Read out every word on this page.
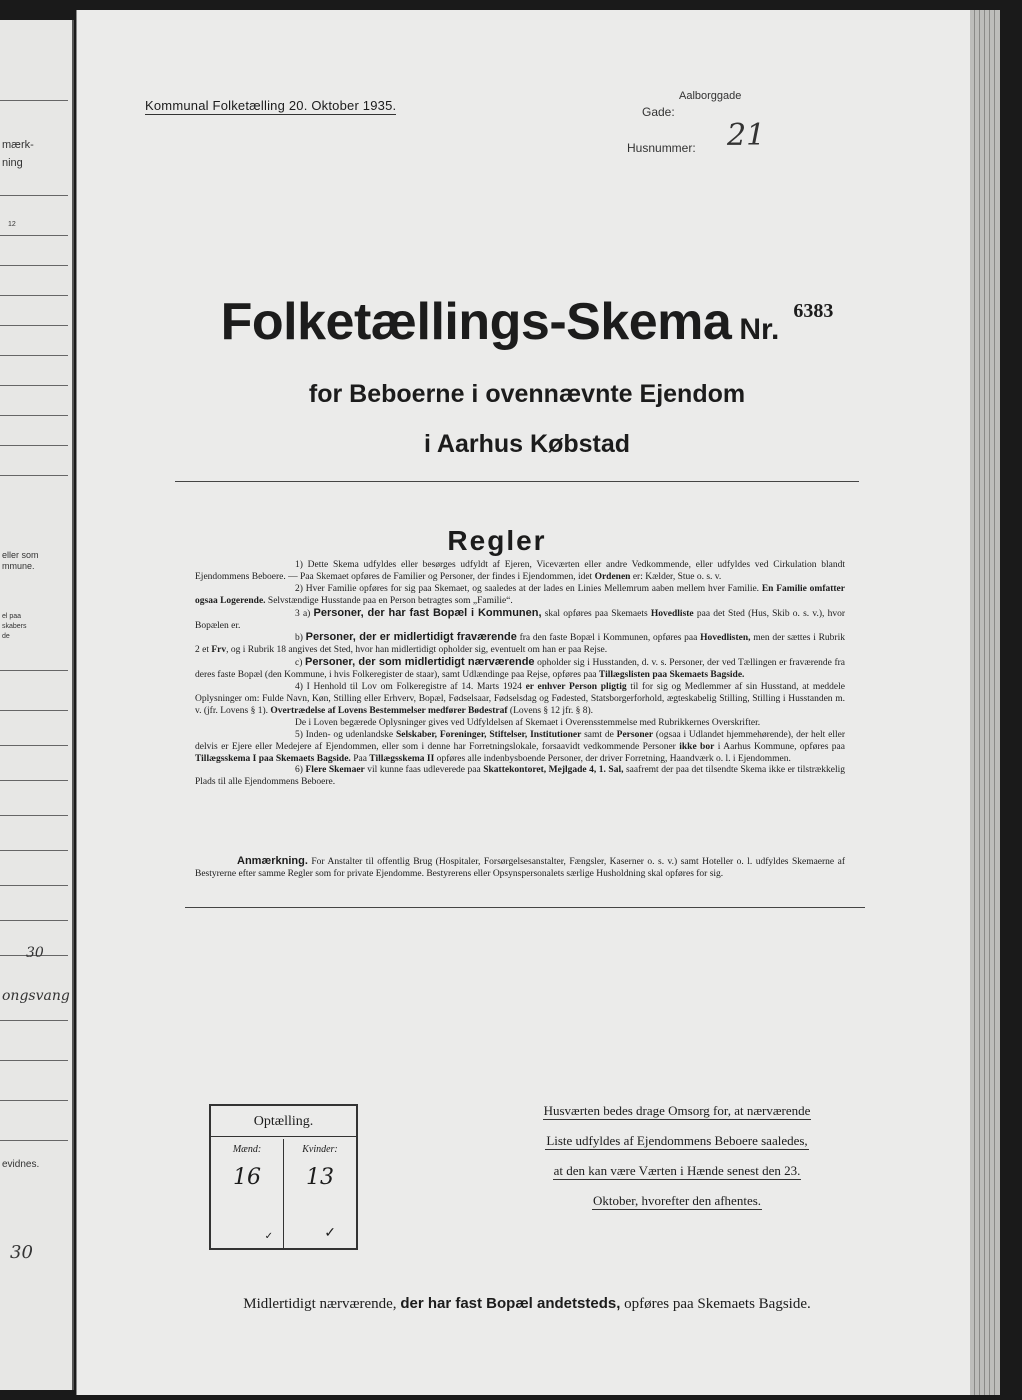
mærk-
ning
12
eller som
mmune.
el paa
skabers
de
30
ongsvang
evidnes.
30
Kommunal Folketælling 20. Oktober 1935.	Gade:
Aalborggade
Husnummer: 21
Folketællings-Skema Nr.6383
for Beboerne i ovennævnte Ejendom
i Aarhus Købstad
Regler

1) Dette Skema udfyldes eller besørges udfyldt af Ejeren, Viceværten eller andre Vedkommende, eller udfyldes ved Cirkulation blandt Ejendommens Beboere. — Paa Skemaet opføres de Familier og Personer, der findes i Ejendommen, idet Ordenen er: Kælder, Stue o. s. v.

2) Hver Familie opføres for sig paa Skemaet, og saaledes at der lades en Linies Mellemrum aaben mellem hver Familie. En Familie omfatter ogsaa Logerende. Selvstændige Husstande paa en Person betragtes som „Familie“.

3 a) Personer, der har fast Bopæl i Kommunen, skal opføres paa Skemaets Hovedliste paa det Sted (Hus, Skib o. s. v.), hvor Bopælen er.

b) Personer, der er midlertidigt fraværende fra den faste Bopæl i Kommunen, opføres paa Hovedlisten, men der sættes i Rubrik 2 et Frv, og i Rubrik 18 angives det Sted, hvor han midlertidigt opholder sig, eventuelt om han er paa Rejse.

c) Personer, der som midlertidigt nærværende opholder sig i Husstanden, d. v. s. Personer, der ved Tællingen er fraværende fra deres faste Bopæl (den Kommune, i hvis Folkeregister de staar), samt Udlændinge paa Rejse, opføres paa Tillægslisten paa Skemaets Bagside.

4) I Henhold til Lov om Folkeregistre af 14. Marts 1924 er enhver Person pligtig til for sig og Medlemmer af sin Husstand, at meddele Oplysninger om: Fulde Navn, Køn, Stilling eller Erhverv, Bopæl, Fødselsaar, Fødselsdag og Fødested, Statsborgerforhold, ægteskabelig Stilling, Stilling i Husstanden m. v. (jfr. Lovens § 1). Overtrædelse af Lovens Bestemmelser medfører Bødestraf (Lovens § 12 jfr. § 8).

De i Loven begærede Oplysninger gives ved Udfyldelsen af Skemaet i Overensstemmelse med Rubrikkernes Overskrifter.

5) Inden- og udenlandske Selskaber, Foreninger, Stiftelser, Institutioner samt de Personer (ogsaa i Udlandet hjemmehørende), der helt eller delvis er Ejere eller Medejere af Ejendommen, eller som i denne har Forretningslokale, forsaavidt vedkommende Personer ikke bor i Aarhus Kommune, opføres paa Tillægsskema I paa Skemaets Bagside. Paa Tillægsskema II opføres alle indenbysboende Personer, der driver Forretning, Haandværk o. l. i Ejendommen.

6) Flere Skemaer vil kunne faas udleverede paa Skattekontoret, Mejlgade 4, 1. Sal, saafremt der paa det tilsendte Skema ikke er tilstrækkelig Plads til alle Ejendommens Beboere.

Anmærkning. For Anstalter til offentlig Brug (Hospitaler, Forsørgelsesanstalter, Fængsler, Kaserner o. s. v.) samt Hoteller o. l. udfyldes Skemaerne af Bestyrerne efter samme Regler som for private Ejendomme. Bestyrerens eller Opsynspersonalets særlige Husholdning skal opføres for sig.
Optælling.
Mænd:
16
✓
Kvinder:
13
✓
Husværten bedes drage Omsorg for, at nærværende
Liste udfyldes af Ejendommens Beboere saaledes,
at den kan være Værten i Hænde senest den 23.
Oktober, hvorefter den afhentes.
Midlertidigt nærværende, der har fast Bopæl andetsteds, opføres paa Skemaets Bagside.
